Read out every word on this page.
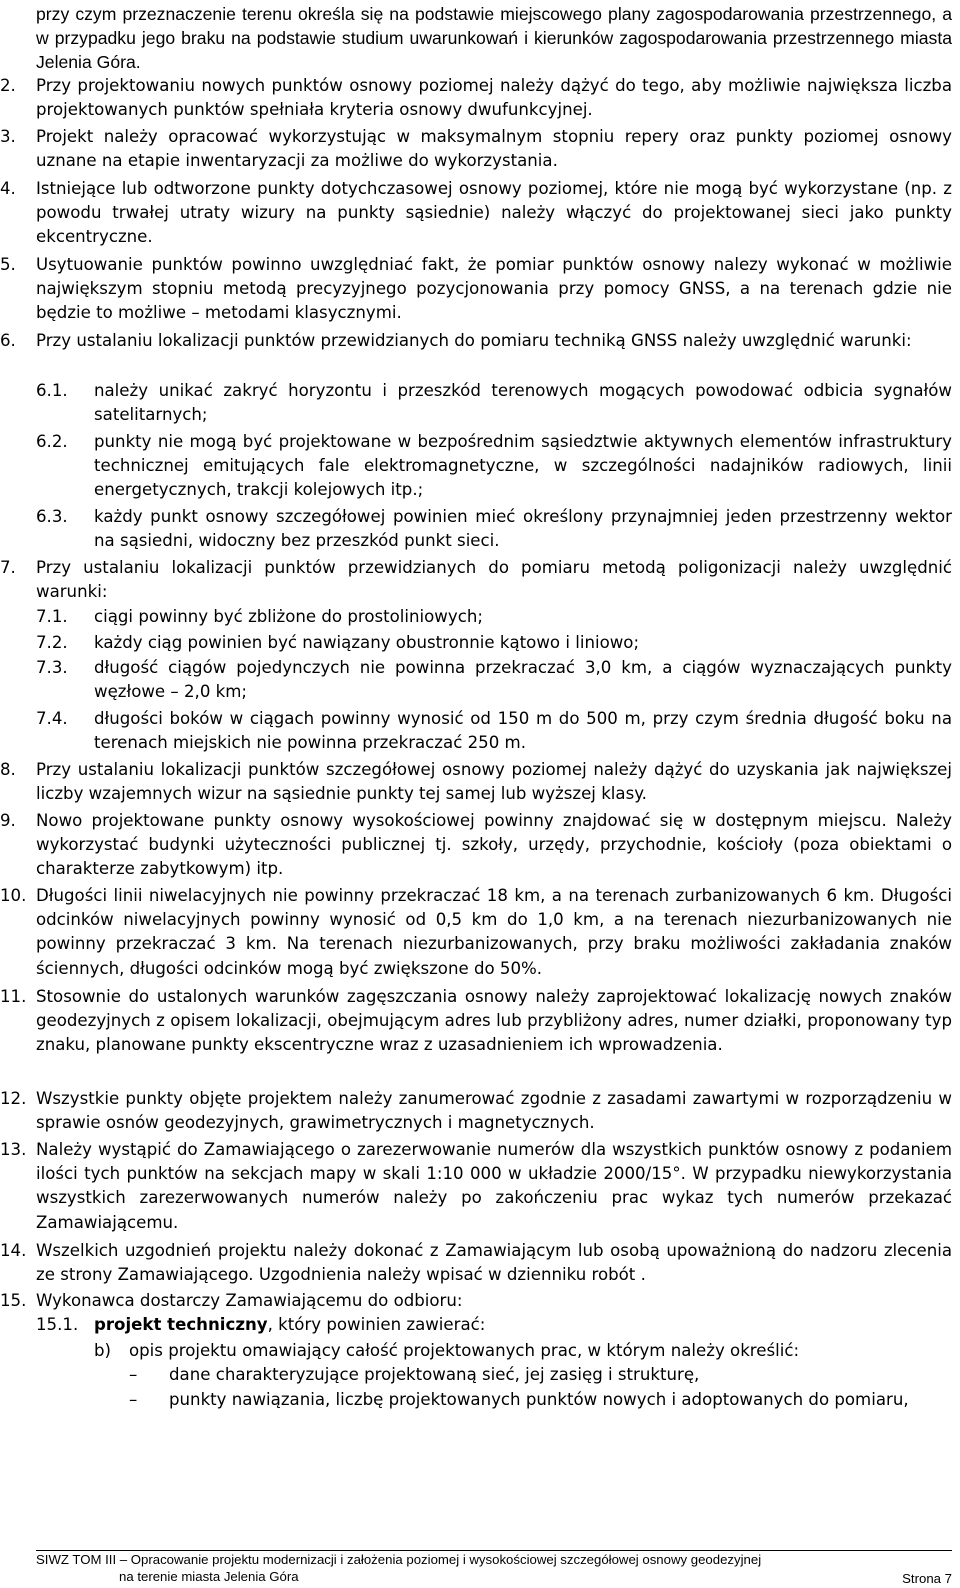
przy czym przeznaczenie terenu określa się na podstawie miejscowego plany zagospodarowania przestrzennego, a w przypadku jego braku na podstawie studium uwarunkowań i kierunków zagospodarowania przestrzennego miasta Jelenia Góra.

2. Przy projektowaniu nowych punktów osnowy poziomej należy dążyć do tego, aby możliwie największa liczba projektowanych punktów spełniała kryteria osnowy dwufunkcyjnej.
3. Projekt należy opracować wykorzystując w maksymalnym stopniu repery oraz punkty poziomej osnowy uznane na etapie inwentaryzacji za możliwe do wykorzystania.
4. Istniejące lub odtworzone punkty dotychczasowej osnowy poziomej, które nie mogą być wykorzystane (np. z powodu trwałej utraty wizury na punkty sąsiednie) należy włączyć do projektowanej sieci jako punkty ekcentryczne.
5. Usytuowanie punktów powinno uwzględniać fakt, że pomiar punktów osnowy nalezy wykonać w możliwie największym stopniu metodą precyzyjnego pozycjonowania przy pomocy GNSS, a na terenach gdzie nie będzie to możliwe – metodami klasycznymi.
6. Przy ustalaniu lokalizacji punktów przewidzianych do pomiaru techniką GNSS należy uwzględnić warunki:
6.1. należy unikać zakryć horyzontu i przeszkód terenowych mogących powodować odbicia sygnałów satelitarnych;
6.2. punkty nie mogą być projektowane w bezpośrednim sąsiedztwie aktywnych elementów infrastruktury technicznej emitujących fale elektromagnetyczne, w szczególności nadajników radiowych, linii energetycznych, trakcji kolejowych itp.;
6.3. każdy punkt osnowy szczegółowej powinien mieć określony przynajmniej jeden przestrzenny wektor na sąsiedni, widoczny bez przeszkód punkt sieci.
7. Przy ustalaniu lokalizacji punktów przewidzianych do pomiaru metodą poligonizacji należy uwzględnić warunki:
7.1. ciągi powinny być zbliżone do prostoliniowych;
7.2. każdy ciąg powinien być nawiązany obustronnie kątowo i liniowo;
7.3. długość ciągów pojedynczych nie powinna przekraczać 3,0 km, a ciągów wyznaczających punkty węzłowe – 2,0 km;
7.4. długości boków w ciągach powinny wynosić od 150 m do 500 m, przy czym średnia długość boku na terenach miejskich nie powinna przekraczać 250 m.
8. Przy ustalaniu lokalizacji punktów szczegółowej osnowy poziomej należy dążyć do uzyskania jak największej liczby wzajemnych wizur na sąsiednie punkty tej samej lub wyższej klasy.
9. Nowo projektowane punkty osnowy wysokościowej powinny znajdować się w dostępnym miejscu. Należy wykorzystać budynki użyteczności publicznej tj. szkoły, urzędy, przychodnie, kościoły (poza obiektami o charakterze zabytkowym) itp.
10. Długości linii niwelacyjnych nie powinny przekraczać 18 km, a na terenach zurbanizowanych 6 km. Długości odcinków niwelacyjnych powinny wynosić od 0,5 km do 1,0 km, a na terenach niezurbanizowanych nie powinny przekraczać 3 km. Na terenach niezurbanizowanych, przy braku możliwości zakładania znaków ściennych, długości odcinków mogą być zwiększone do 50%.
11. Stosownie do ustalonych warunków zagęszczania osnowy należy zaprojektować lokalizację nowych znaków geodezyjnych z opisem lokalizacji, obejmującym adres lub przybliżony adres, numer działki, proponowany typ znaku, planowane punkty ekscentryczne wraz z uzasadnieniem ich wprowadzenia.
12. Wszystkie punkty objęte projektem należy zanumerować zgodnie z zasadami zawartymi w rozporządzeniu w sprawie osnów geodezyjnych, grawimetrycznych i magnetycznych.
13. Należy wystąpić do Zamawiającego o zarezerwowanie numerów dla wszystkich punktów osnowy z podaniem ilości tych punktów na sekcjach mapy w skali 1:10 000 w układzie 2000/15°. W przypadku niewykorzystania wszystkich zarezerwowanych numerów należy po zakończeniu prac wykaz tych numerów przekazać Zamawiającemu.
14. Wszelkich uzgodnień projektu należy dokonać z Zamawiającym lub osobą upoważnioną do nadzoru zlecenia ze strony Zamawiającego. Uzgodnienia należy wpisać w dzienniku robót .
15. Wykonawca dostarczy Zamawiającemu do odbioru:
15.1. projekt techniczny, który powinien zawierać:
b) opis projektu omawiający całość projektowanych prac, w którym należy określić:
– dane charakteryzujące projektowaną sieć, jej zasięg i strukturę,
– punkty nawiązania, liczbę projektowanych punktów nowych i adoptowanych do pomiaru,
SIWZ TOM III – Opracowanie projektu modernizacji i założenia poziomej i wysokościowej szczegółowej osnowy geodezyjnej
na terenie miasta Jelenia Góra	Strona 7
